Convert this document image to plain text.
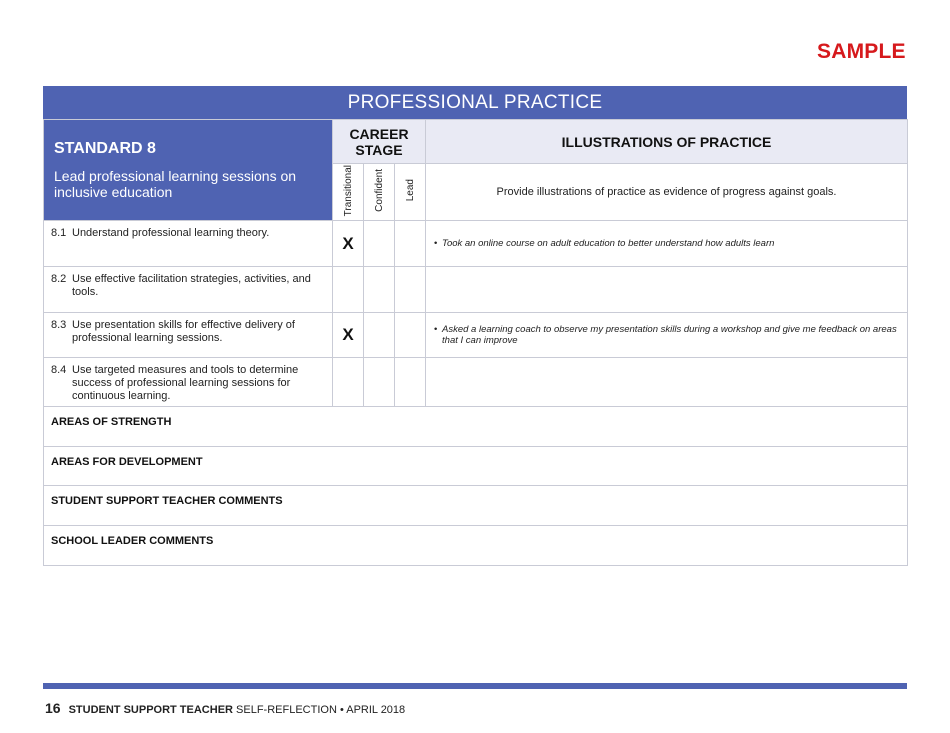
SAMPLE
PROFESSIONAL PRACTICE
STANDARD 8
Lead professional learning sessions on inclusive education	CAREER STAGE			ILLUSTRATIONS OF PRACTICE
	Transitional	Confident	Lead	Provide illustrations of practice as evidence of progress against goals.

8.1 Understand professional learning theory.	X			• Took an online course on adult education to better understand how adults learn

8.2 Use effective facilitation strategies, activities, and tools.				

8.3 Use presentation skills for effective delivery of professional learning sessions.	X			• Asked a learning coach to observe my presentation skills during a workshop and give me feedback on areas that I can improve

8.4 Use targeted measures and tools to determine success of professional learning sessions for continuous learning.				

AREAS OF STRENGTH				
AREAS FOR DEVELOPMENT				
STUDENT SUPPORT TEACHER COMMENTS				
SCHOOL LEADER COMMENTS				
16 STUDENT SUPPORT TEACHER SELF-REFLECTION • APRIL 2018
